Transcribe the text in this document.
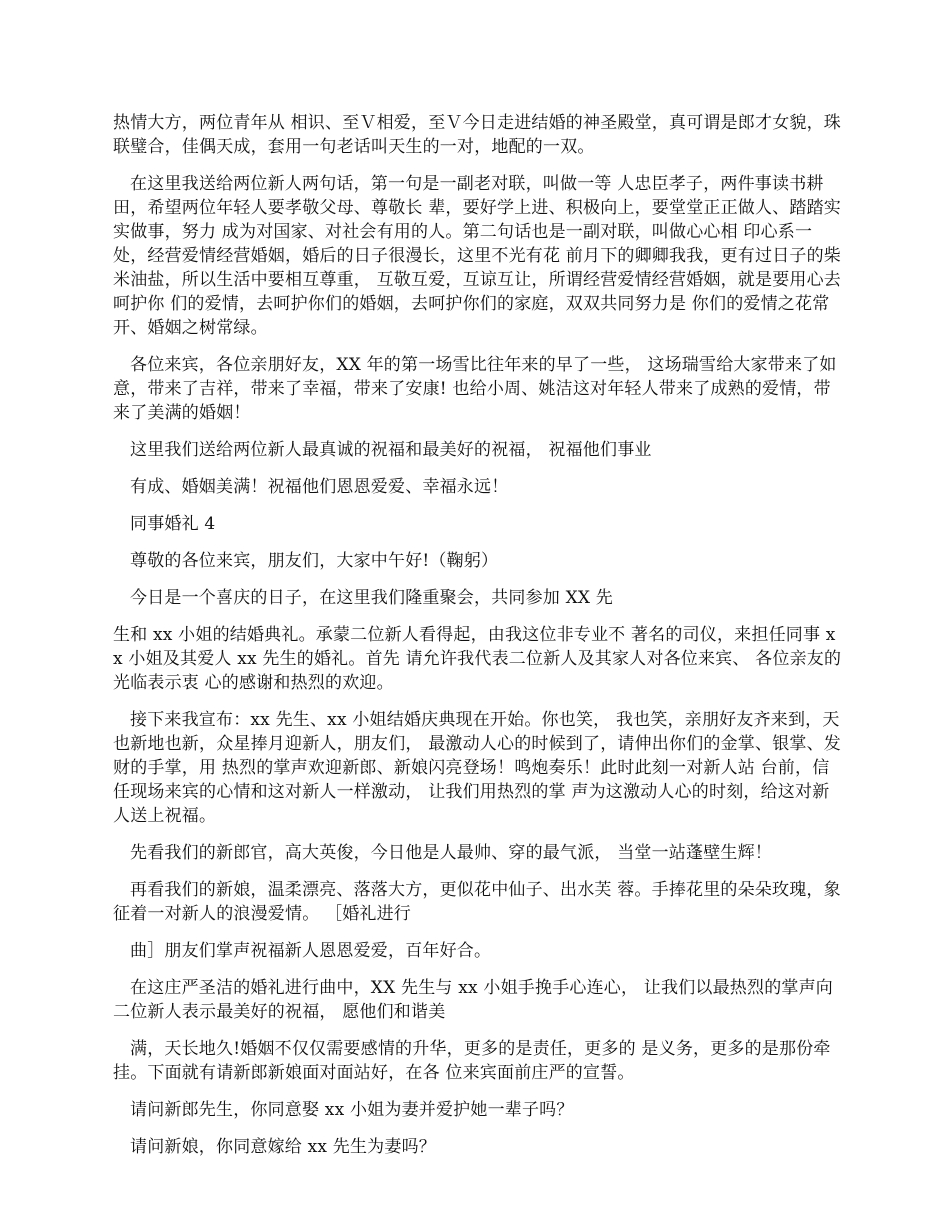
热情大方，两位青年从 相识、至Ｖ相爱，至Ｖ今日走进结婚的神圣殿堂，真可谓是郎才女貌，珠 联璧合，佳偶天成，套用一句老话叫天生的一对，地配的一双。

在这里我送给两位新人两句话，第一句是一副老对联，叫做一等 人忠臣孝子，两件事读书耕田，希望两位年轻人要孝敬父母、尊敬长 辈，要好学上进、积极向上，要堂堂正正做人、踏踏实实做事，努力 成为对国家、对社会有用的人。第二句话也是一副对联，叫做心心相 印心系一处，经营爱情经营婚姻，婚后的日子很漫长，这里不光有花 前月下的卿卿我我，更有过日子的柴米油盐，所以生活中要相互尊重， 互敬互爱，互谅互让，所谓经营爱情经营婚姻，就是要用心去呵护你 们的爱情，去呵护你们的婚姻，去呵护你们的家庭，双双共同努力是 你们的爱情之花常开、婚姻之树常绿。

各位来宾，各位亲朋好友，XX 年的第一场雪比往年来的早了一些， 这场瑞雪给大家带来了如意，带来了吉祥，带来了幸福，带来了安康! 也给小周、姚洁这对年轻人带来了成熟的爱情，带来了美满的婚姻！

这里我们送给两位新人最真诚的祝福和最美好的祝福， 祝福他们事业

有成、婚姻美满！祝福他们恩恩爱爱、幸福永远！

同事婚礼 4

尊敬的各位来宾，朋友们，大家中午好!（鞠躬）

今日是一个喜庆的日子，在这里我们隆重聚会，共同参加 XX 先

生和 xx 小姐的结婚典礼。承蒙二位新人看得起，由我这位非专业不 著名的司仪，来担任同事 xx 小姐及其爱人 xx 先生的婚礼。首先 请允许我代表二位新人及其家人对各位来宾、 各位亲友的光临表示衷 心的感谢和热烈的欢迎。

接下来我宣布：xx 先生、xx 小姐结婚庆典现在开始。你也笑， 我也笑，亲朋好友齐来到，天也新地也新，众星捧月迎新人，朋友们， 最激动人心的时候到了，请伸出你们的金掌、银掌、发财的手掌，用 热烈的掌声欢迎新郎、新娘闪亮登场！鸣炮奏乐！此时此刻一对新人站 台前，信任现场来宾的心情和这对新人一样激动， 让我们用热烈的掌 声为这激动人心的时刻，给这对新人送上祝福。

先看我们的新郎官，高大英俊，今日他是人最帅、穿的最气派， 当堂一站蓬壁生辉！

再看我们的新娘，温柔漂亮、落落大方，更似花中仙子、出水芙 蓉。手捧花里的朵朵玫瑰，象征着一对新人的浪漫爱情。 ［婚礼进行

曲］朋友们掌声祝福新人恩恩爱爱，百年好合。

在这庄严圣洁的婚礼进行曲中，XX 先生与 xx 小姐手挽手心连心， 让我们以最热烈的掌声向二位新人表示最美好的祝福， 愿他们和谐美

满，天长地久!婚姻不仅仅需要感情的升华，更多的是责任，更多的 是义务，更多的是那份牵挂。下面就有请新郎新娘面对面站好，在各 位来宾面前庄严的宣誓。

请问新郎先生，你同意娶 xx 小姐为妻并爱护她一辈子吗？

请问新娘，你同意嫁给 xx 先生为妻吗？
